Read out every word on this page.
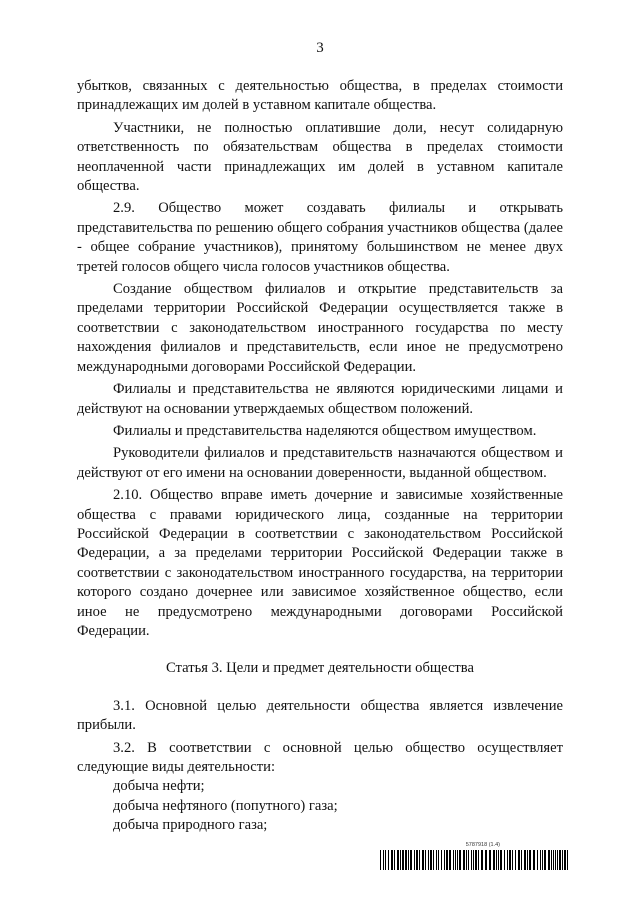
3

убытков, связанных с деятельностью общества, в пределах стоимости принадлежащих им долей в уставном капитале общества.

Участники, не полностью оплатившие доли, несут солидарную ответственность по обязательствам общества в пределах стоимости неоплаченной части принадлежащих им долей в уставном капитале общества.

2.9. Общество может создавать филиалы и открывать представительства по решению общего собрания участников общества (далее - общее собрание участников), принятому большинством не менее двух третей голосов общего числа голосов участников общества.

Создание обществом филиалов и открытие представительств за пределами территории Российской Федерации осуществляется также в соответствии с законодательством иностранного государства по месту нахождения филиалов и представительств, если иное не предусмотрено международными договорами Российской Федерации.

Филиалы и представительства не являются юридическими лицами и действуют на основании утверждаемых обществом положений.

Филиалы и представительства наделяются обществом имуществом.

Руководители филиалов и представительств назначаются обществом и действуют от его имени на основании доверенности, выданной обществом.

2.10. Общество вправе иметь дочерние и зависимые хозяйственные общества с правами юридического лица, созданные на территории Российской Федерации в соответствии с законодательством Российской Федерации, а за пределами территории Российской Федерации также в соответствии с законодательством иностранного государства, на территории которого создано дочернее или зависимое хозяйственное общество, если иное не предусмотрено международными договорами Российской Федерации.

Статья 3. Цели и предмет деятельности общества

3.1. Основной целью деятельности общества является извлечение прибыли.

3.2. В соответствии с основной целью общество осуществляет следующие виды деятельности:

добыча нефти;

добыча нефтяного (попутного) газа;

добыча природного газа;

5787918 (1.4)
